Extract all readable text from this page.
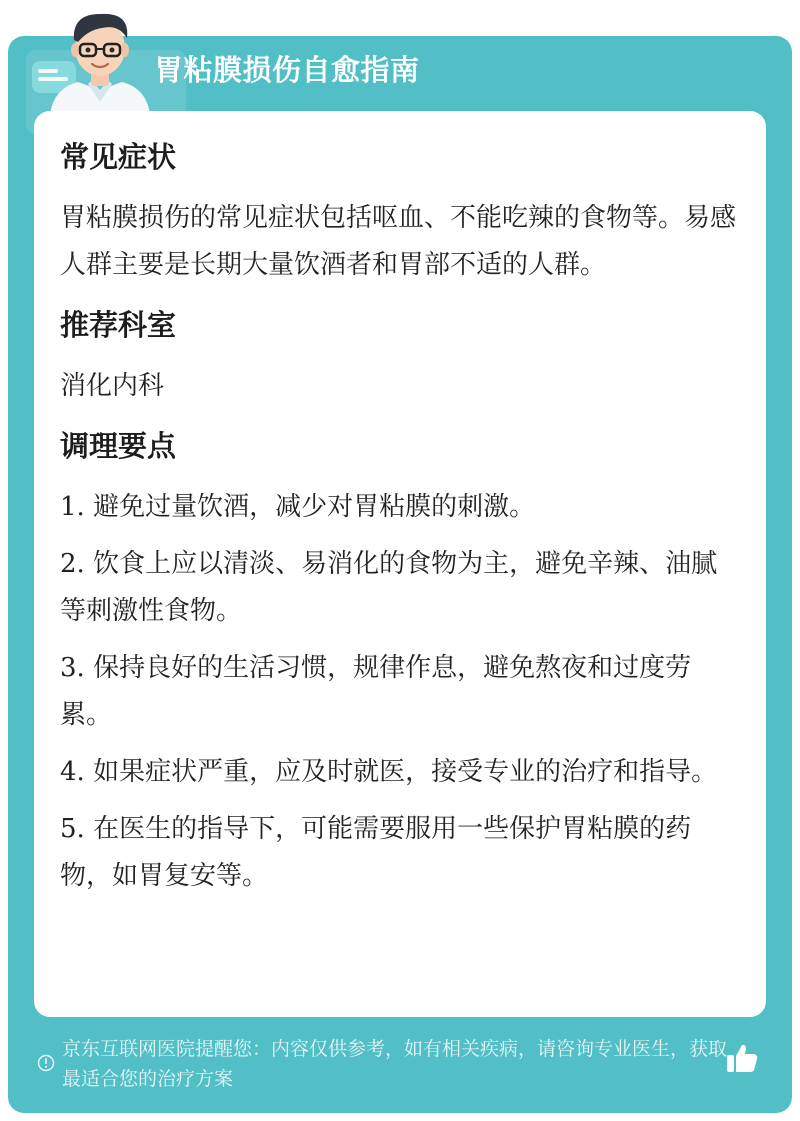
胃粘膜损伤自愈指南
常见症状
胃粘膜损伤的常见症状包括呕血、不能吃辣的食物等。易感人群主要是长期大量饮酒者和胃部不适的人群。
推荐科室
消化内科
调理要点
1. 避免过量饮酒，减少对胃粘膜的刺激。
2. 饮食上应以清淡、易消化的食物为主，避免辛辣、油腻等刺激性食物。
3. 保持良好的生活习惯，规律作息，避免熬夜和过度劳累。
4. 如果症状严重，应及时就医，接受专业的治疗和指导。
5. 在医生的指导下，可能需要服用一些保护胃粘膜的药物，如胃复安等。
京东互联网医院提醒您：内容仅供参考，如有相关疾病，请咨询专业医生，获取最适合您的治疗方案
